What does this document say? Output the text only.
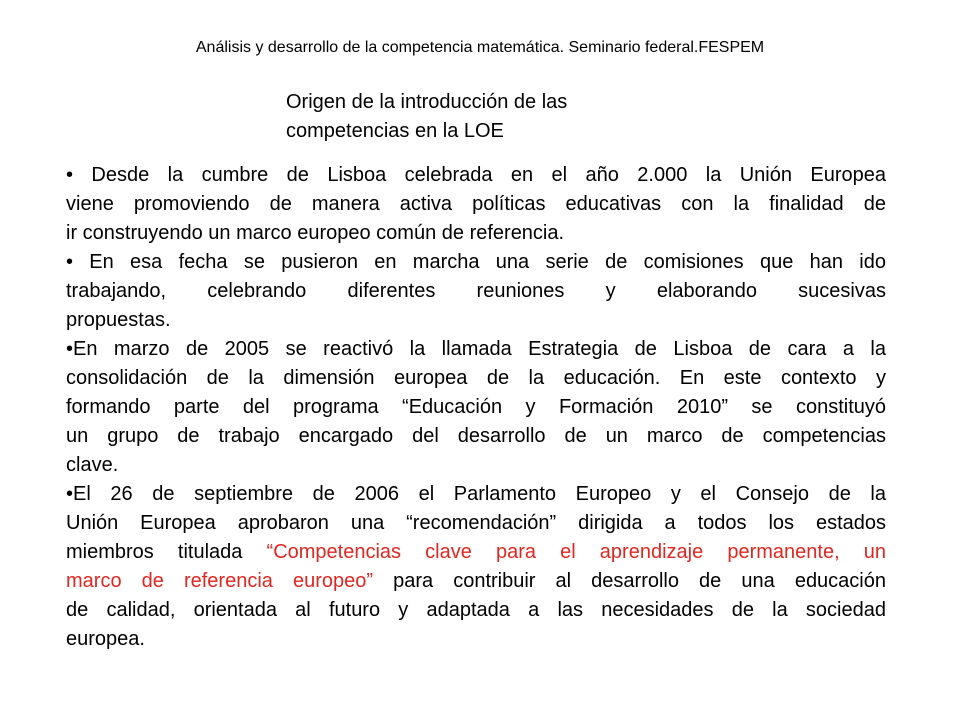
Análisis y desarrollo de la competencia matemática. Seminario federal.FESPEM
Origen de la introducción de las
competencias en la LOE
• Desde la cumbre de Lisboa celebrada en el año 2.000 la Unión Europea
viene promoviendo de manera activa políticas educativas con la finalidad de
ir construyendo un marco europeo común de referencia.
• En esa fecha se pusieron en marcha una serie de comisiones que han ido
trabajando, celebrando diferentes reuniones y elaborando sucesivas
propuestas.
•En marzo de 2005 se reactivó la llamada Estrategia de Lisboa de cara a la
consolidación de la dimensión europea de la educación. En este contexto y
formando parte del programa “Educación y Formación 2010” se constituyó
un grupo de trabajo encargado del desarrollo de un marco de competencias
clave.
•El 26 de septiembre de 2006 el Parlamento Europeo y el Consejo de la
Unión Europea aprobaron una “recomendación” dirigida a todos los estados
miembros titulada “Competencias clave para el aprendizaje permanente, un
marco de referencia europeo” para contribuir al desarrollo de una educación
de calidad, orientada al futuro y adaptada a las necesidades de la sociedad
europea.
